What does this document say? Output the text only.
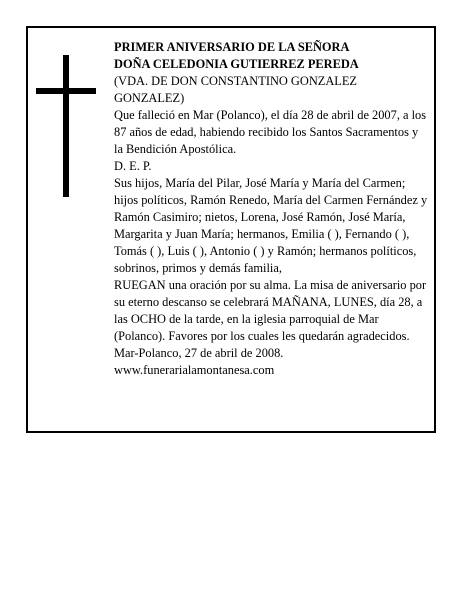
PRIMER ANIVERSARIO DE LA SEÑORA

DOÑA CELEDONIA GUTIERREZ PEREDA

(VDA. DE DON CONSTANTINO GONZALEZ GONZALEZ)

Que falleció en Mar (Polanco), el día 28 de abril de 2007, a los 87 años de edad, habiendo recibido los Santos Sacramentos y la Bendición Apostólica.

D. E. P.

Sus hijos, María del Pilar, José María y María del Carmen; hijos políticos, Ramón Renedo, María del Carmen Fernández y Ramón Casimiro; nietos, Lorena, José Ramón, José María, Margarita y Juan María; hermanos, Emilia ( ), Fernando ( ), Tomás ( ), Luis ( ), Antonio ( ) y Ramón; hermanos políticos, sobrinos, primos y demás familia,

RUEGAN una oración por su alma. La misa de aniversario por su eterno descanso se celebrará MAÑANA, LUNES, día 28, a las OCHO de la tarde, en la iglesia parroquial de Mar (Polanco). Favores por los cuales les quedarán agradecidos.

Mar-Polanco, 27 de abril de 2008.

www.funerarialamontanesa.com
